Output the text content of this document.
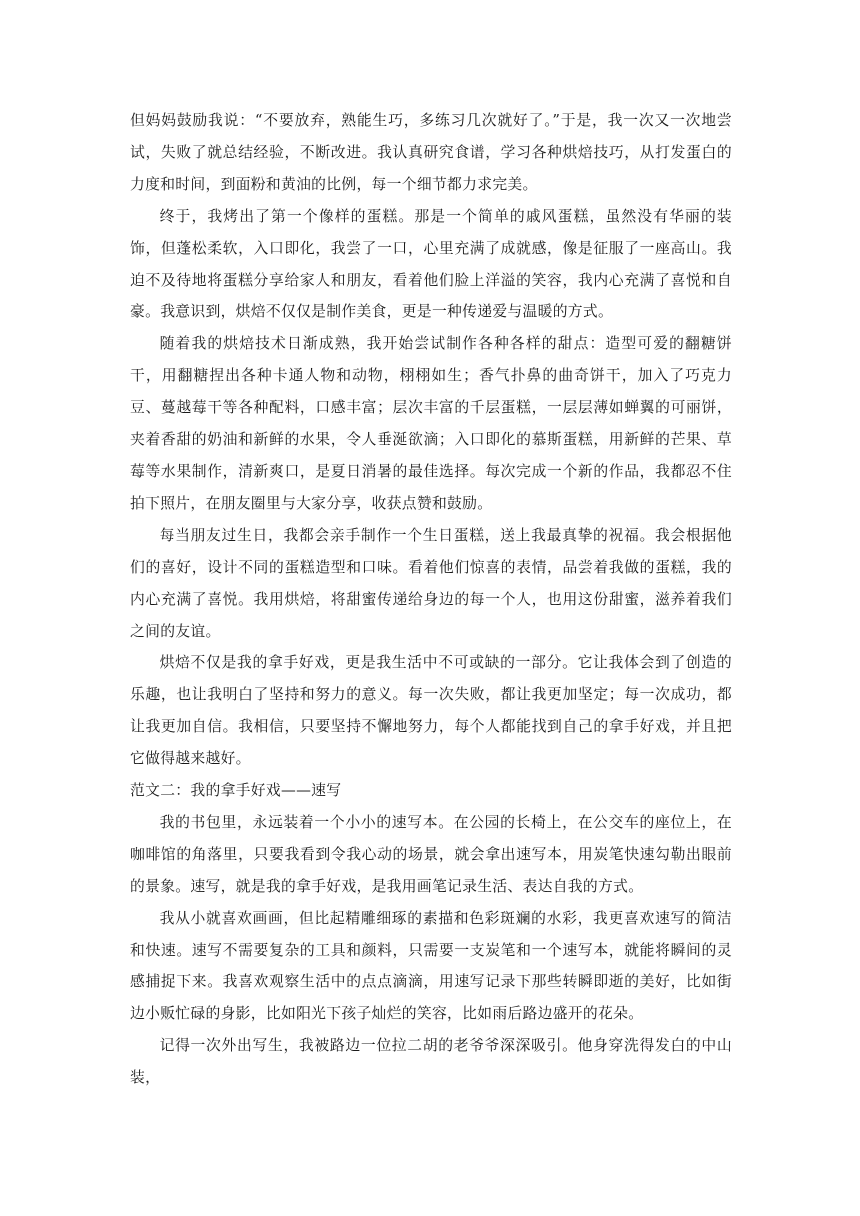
但妈妈鼓励我说：“不要放弃，熟能生巧，多练习几次就好了。”于是，我一次又一次地尝试，失败了就总结经验，不断改进。我认真研究食谱，学习各种烘焙技巧，从打发蛋白的力度和时间，到面粉和黄油的比例，每一个细节都力求完美。

终于，我烤出了第一个像样的蛋糕。那是一个简单的戚风蛋糕，虽然没有华丽的装饰，但蓬松柔软，入口即化，我尝了一口，心里充满了成就感，像是征服了一座高山。我迫不及待地将蛋糕分享给家人和朋友，看着他们脸上洋溢的笑容，我内心充满了喜悦和自豪。我意识到，烘焙不仅仅是制作美食，更是一种传递爱与温暖的方式。

随着我的烘焙技术日渐成熟，我开始尝试制作各种各样的甜点：造型可爱的翻糖饼干，用翻糖捏出各种卡通人物和动物，栩栩如生；香气扑鼻的曲奇饼干，加入了巧克力豆、蔓越莓干等各种配料，口感丰富；层次丰富的千层蛋糕，一层层薄如蝉翼的可丽饼，夹着香甜的奶油和新鲜的水果，令人垂涎欲滴；入口即化的慕斯蛋糕，用新鲜的芒果、草莓等水果制作，清新爽口，是夏日消暑的最佳选择。每次完成一个新的作品，我都忍不住拍下照片，在朋友圈里与大家分享，收获点赞和鼓励。

每当朋友过生日，我都会亲手制作一个生日蛋糕，送上我最真挚的祝福。我会根据他们的喜好，设计不同的蛋糕造型和口味。看着他们惊喜的表情，品尝着我做的蛋糕，我的内心充满了喜悦。我用烘焙，将甜蜜传递给身边的每一个人，也用这份甜蜜，滋养着我们之间的友谊。

烘焙不仅是我的拿手好戏，更是我生活中不可或缺的一部分。它让我体会到了创造的乐趣，也让我明白了坚持和努力的意义。每一次失败，都让我更加坚定；每一次成功，都让我更加自信。我相信，只要坚持不懈地努力，每个人都能找到自己的拿手好戏，并且把它做得越来越好。

范文二：我的拿手好戏——速写

我的书包里，永远装着一个小小的速写本。在公园的长椅上，在公交车的座位上，在咖啡馆的角落里，只要我看到令我心动的场景，就会拿出速写本，用炭笔快速勾勒出眼前的景象。速写，就是我的拿手好戏，是我用画笔记录生活、表达自我的方式。

我从小就喜欢画画，但比起精雕细琢的素描和色彩斑斓的水彩，我更喜欢速写的简洁和快速。速写不需要复杂的工具和颜料，只需要一支炭笔和一个速写本，就能将瞬间的灵感捕捉下来。我喜欢观察生活中的点点滴滴，用速写记录下那些转瞬即逝的美好，比如街边小贩忙碌的身影，比如阳光下孩子灿烂的笑容，比如雨后路边盛开的花朵。

记得一次外出写生，我被路边一位拉二胡的老爷爷深深吸引。他身穿洗得发白的中山装，
